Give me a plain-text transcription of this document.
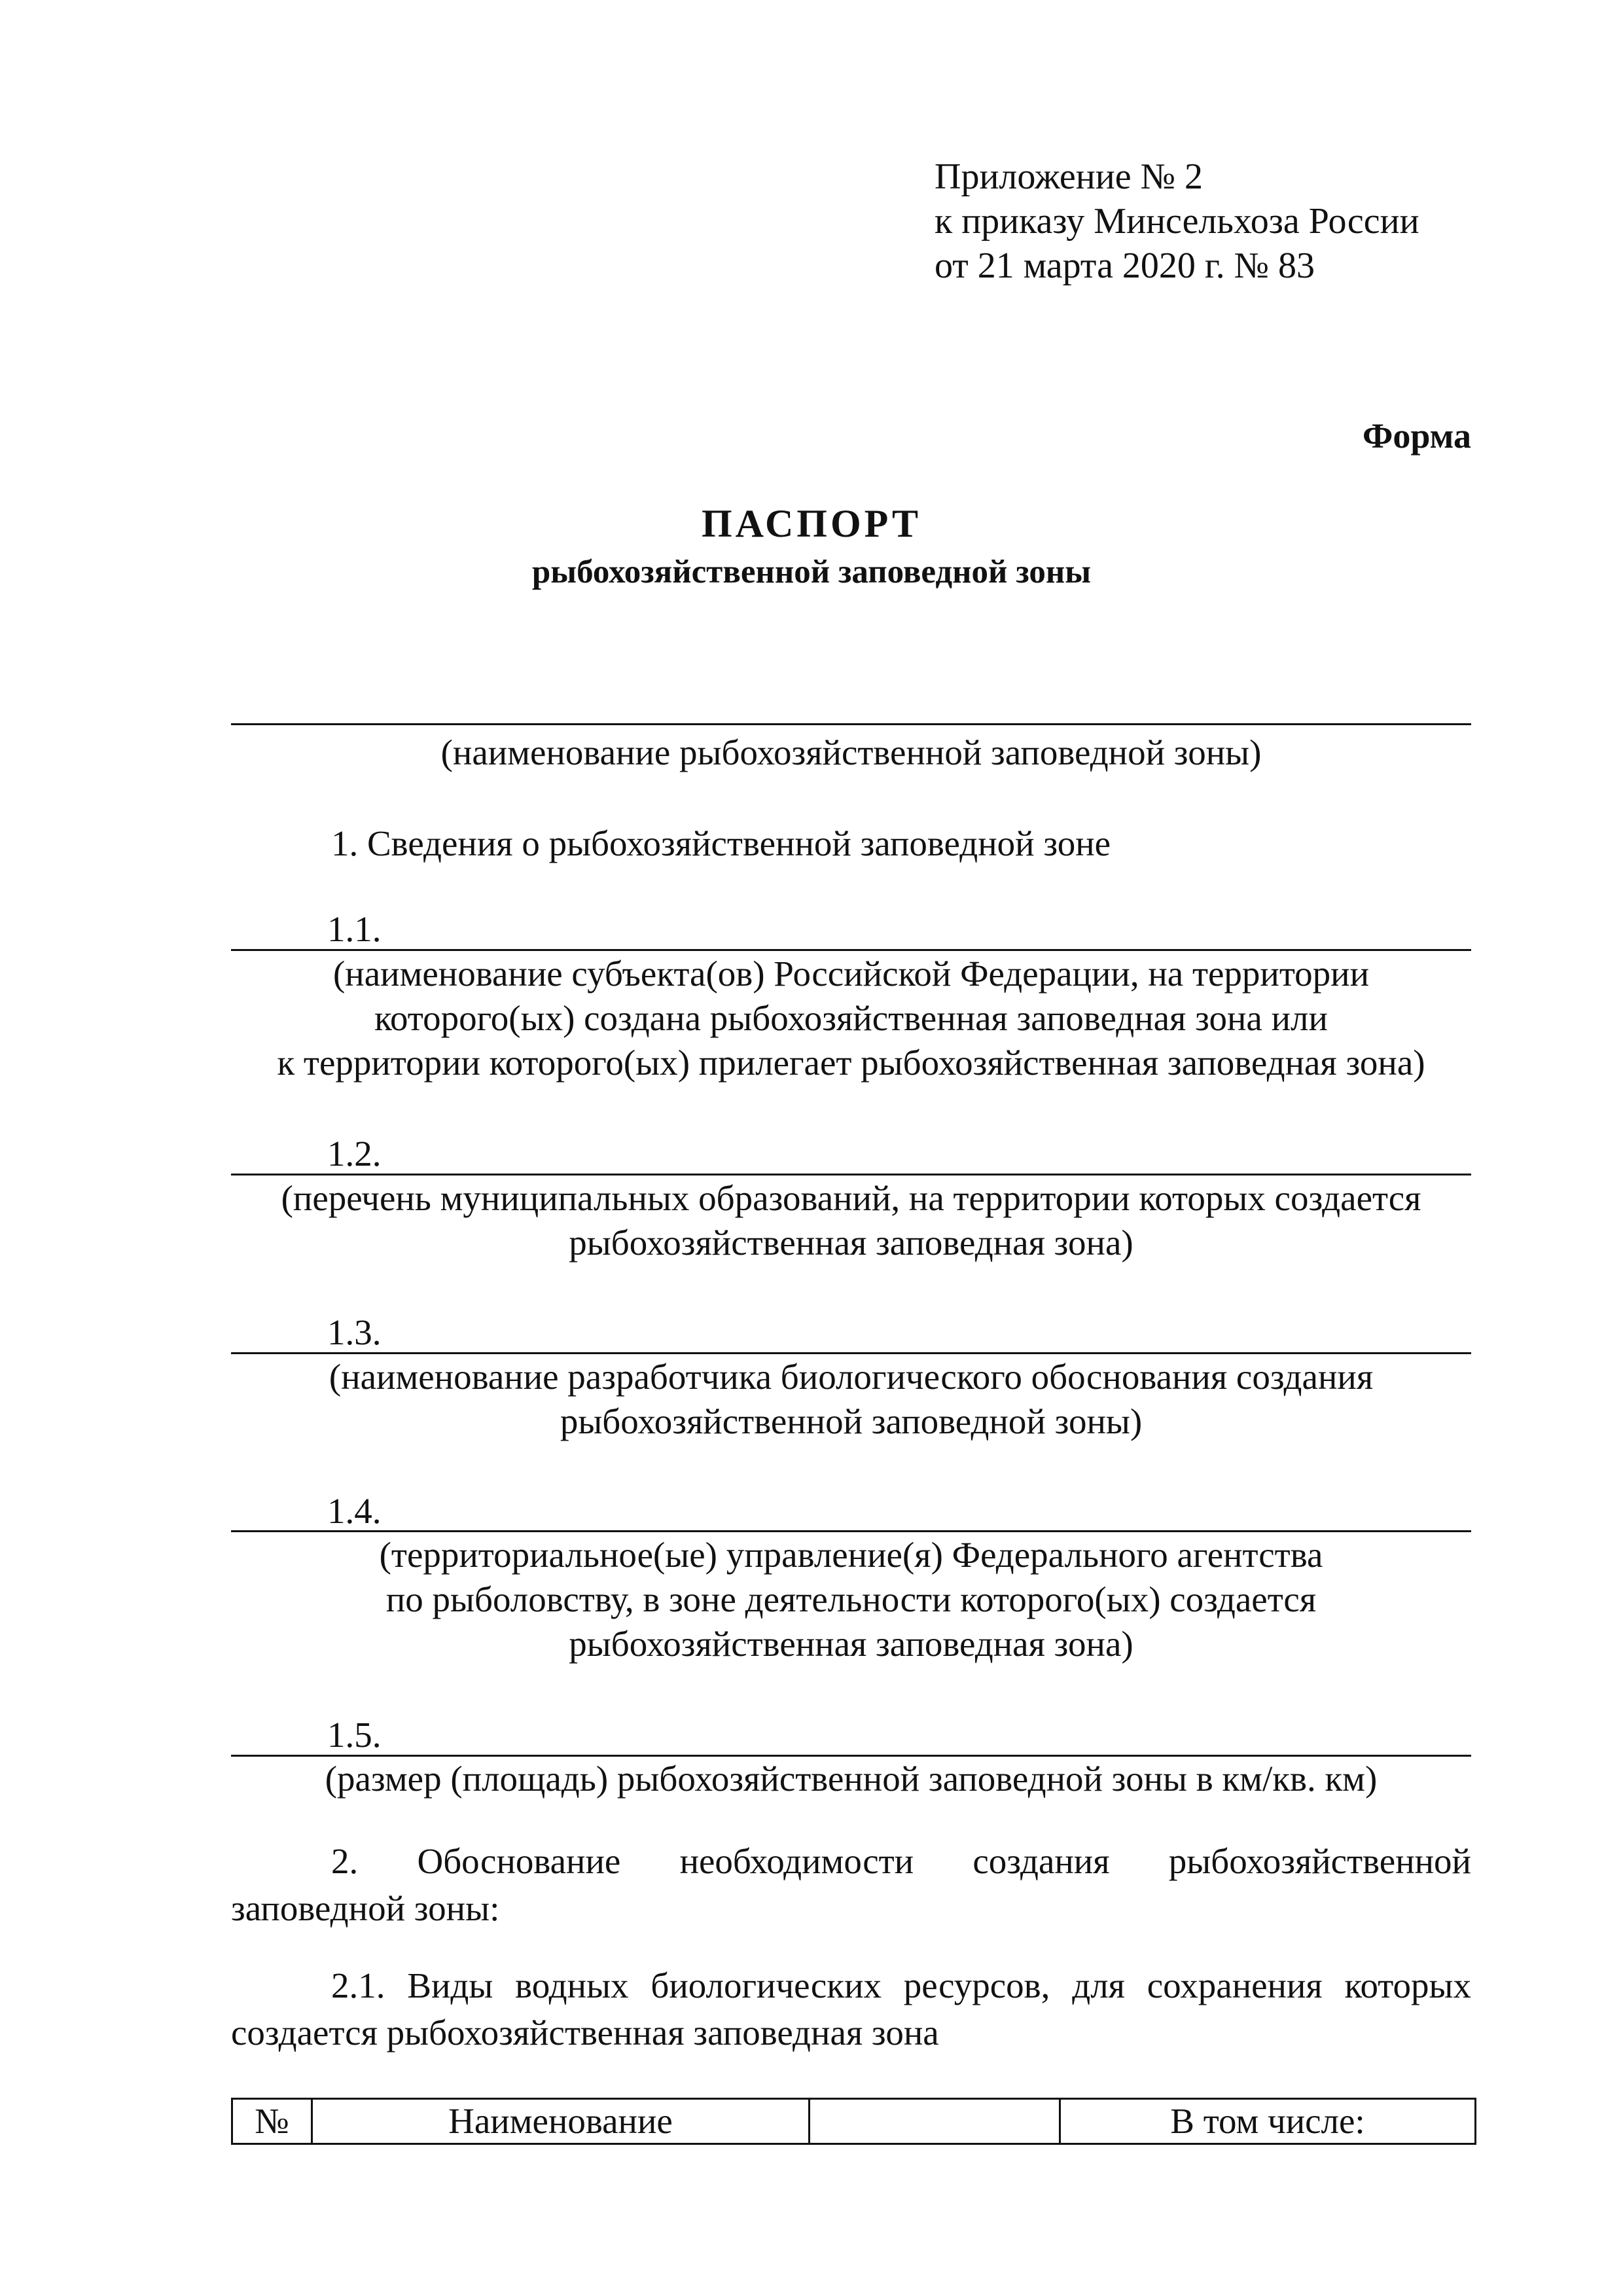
Приложение № 2
к приказу Минсельхоза России
от 21 марта 2020 г. № 83
Форма
ПАСПОРТ
рыбохозяйственной заповедной зоны
(наименование рыбохозяйственной заповедной зоны)
1. Сведения о рыбохозяйственной заповедной зоне
1.1.
(наименование субъекта(ов) Российской Федерации, на территории
которого(ых) создана рыбохозяйственная заповедная зона или
к территории которого(ых) прилегает рыбохозяйственная заповедная зона)
1.2.
(перечень муниципальных образований, на территории которых создается
рыбохозяйственная заповедная зона)
1.3.
(наименование разработчика биологического обоснования создания
рыбохозяйственной заповедной зоны)
1.4.
(территориальное(ые) управление(я) Федерального агентства
по рыболовству, в зоне деятельности которого(ых) создается
рыбохозяйственная заповедная зона)
1.5.
(размер (площадь) рыбохозяйственной заповедной зоны в км/кв. км)
2. Обоснование необходимости создания рыбохозяйственной
заповедной зоны:
2.1. Виды водных биологических ресурсов, для сохранения которых
создается рыбохозяйственная заповедная зона
№	Наименование		В том числе:
